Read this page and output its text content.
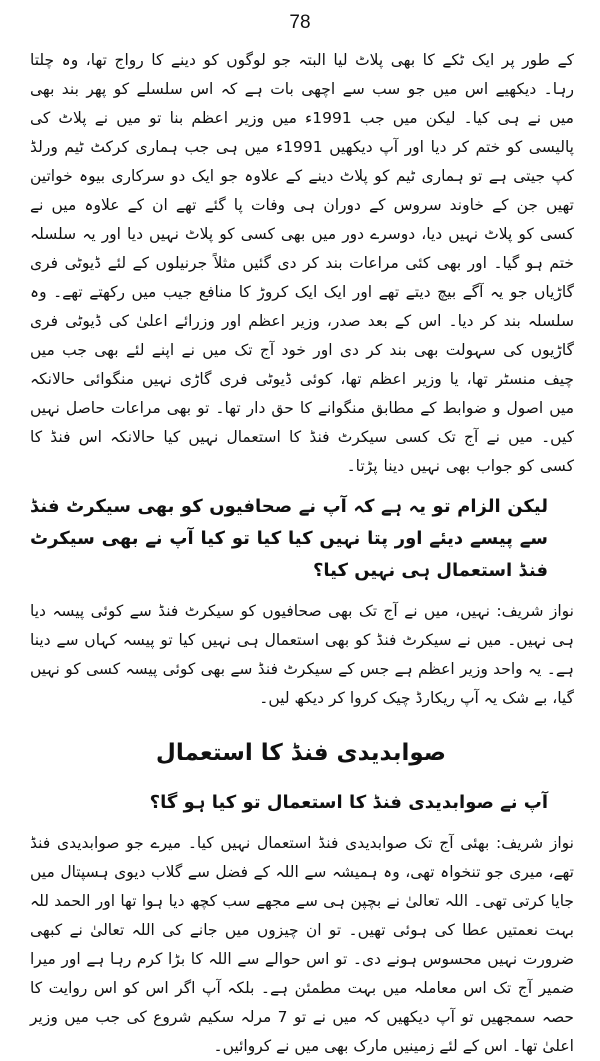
78

کے طور پر ایک ٹکے کا بھی پلاٹ لیا البتہ جو لوگوں کو دینے کا رواج تھا، وہ چلتا رہا۔ دیکھیے اس میں جو سب سے اچھی بات ہے کہ اس سلسلے کو پھر بند بھی میں نے ہی کیا۔ لیکن میں جب 1991ء میں وزیر اعظم بنا تو میں نے پلاٹ کی پالیسی کو ختم کر دیا اور آپ دیکھیں 1991ء میں ہی جب ہماری کرکٹ ٹیم ورلڈ کپ جیتی ہے تو ہماری ٹیم کو پلاٹ دینے کے علاوہ جو ایک دو سرکاری بیوہ خواتین تھیں جن کے خاوند سروس کے دوران ہی وفات پا گئے تھے ان کے علاوہ میں نے کسی کو پلاٹ نہیں دیا، دوسرے دور میں بھی کسی کو پلاٹ نہیں دیا اور یہ سلسلہ ختم ہو گیا۔ اور بھی کئی مراعات بند کر دی گئیں مثلاً جرنیلوں کے لئے ڈیوٹی فری گاڑیاں جو یہ آگے بیچ دیتے تھے اور ایک ایک کروڑ کا منافع جیب میں رکھتے تھے۔ وہ سلسلہ بند کر دیا۔ اس کے بعد صدر، وزیر اعظم اور وزرائے اعلیٰ کی ڈیوٹی فری گاڑیوں کی سہولت بھی بند کر دی اور خود آج تک میں نے اپنے لئے بھی جب میں چیف منسٹر تھا، یا وزیر اعظم تھا، کوئی ڈیوٹی فری گاڑی نہیں منگوائی حالانکہ میں اصول و ضوابط کے مطابق منگوانے کا حق دار تھا۔ تو بھی مراعات حاصل نہیں کیں۔ میں نے آج تک کسی سیکرٹ فنڈ کا استعمال نہیں کیا حالانکہ اس فنڈ کا کسی کو جواب بھی نہیں دینا پڑتا۔

لیکن الزام تو یہ ہے کہ آپ نے صحافیوں کو بھی سیکرٹ فنڈ سے پیسے دیئے اور پتا نہیں کیا کیا تو کیا آپ نے بھی سیکرٹ فنڈ استعمال ہی نہیں کیا؟

نواز شریف: نہیں، میں نے آج تک بھی صحافیوں کو سیکرٹ فنڈ سے کوئی پیسہ دیا ہی نہیں۔ میں نے سیکرٹ فنڈ کو بھی استعمال ہی نہیں کیا تو پیسہ کہاں سے دینا ہے۔ یہ واحد وزیر اعظم ہے جس کے سیکرٹ فنڈ سے بھی کوئی پیسہ کسی کو نہیں گیا، بے شک یہ آپ ریکارڈ چیک کروا کر دیکھ لیں۔

صوابدیدی فنڈ کا استعمال

آپ نے صوابدیدی فنڈ کا استعمال تو کیا ہو گا؟

نواز شریف: بھئی آج تک صوابدیدی فنڈ استعمال نہیں کیا۔ میرے جو صوابدیدی فنڈ تھے، میری جو تنخواہ تھی، وہ ہمیشہ سے اللہ کے فضل سے گلاب دیوی ہسپتال میں جایا کرتی تھی۔ اللہ تعالیٰ نے بچپن ہی سے مجھے سب کچھ دیا ہوا تھا اور الحمد للہ بہت نعمتیں عطا کی ہوئی تھیں۔ تو ان چیزوں میں جانے کی اللہ تعالیٰ نے کبھی ضرورت نہیں محسوس ہونے دی۔ تو اس حوالے سے اللہ کا بڑا کرم رہا ہے اور میرا ضمیر آج تک اس معاملہ میں بہت مطمئن ہے۔ بلکہ آپ اگر اس کو اس روایت کا حصہ سمجھیں تو آپ دیکھیں کہ میں نے تو 7 مرلہ سکیم شروع کی جب میں وزیر اعلیٰ تھا۔ اس کے لئے زمینیں مارک بھی میں نے کروائیں۔
